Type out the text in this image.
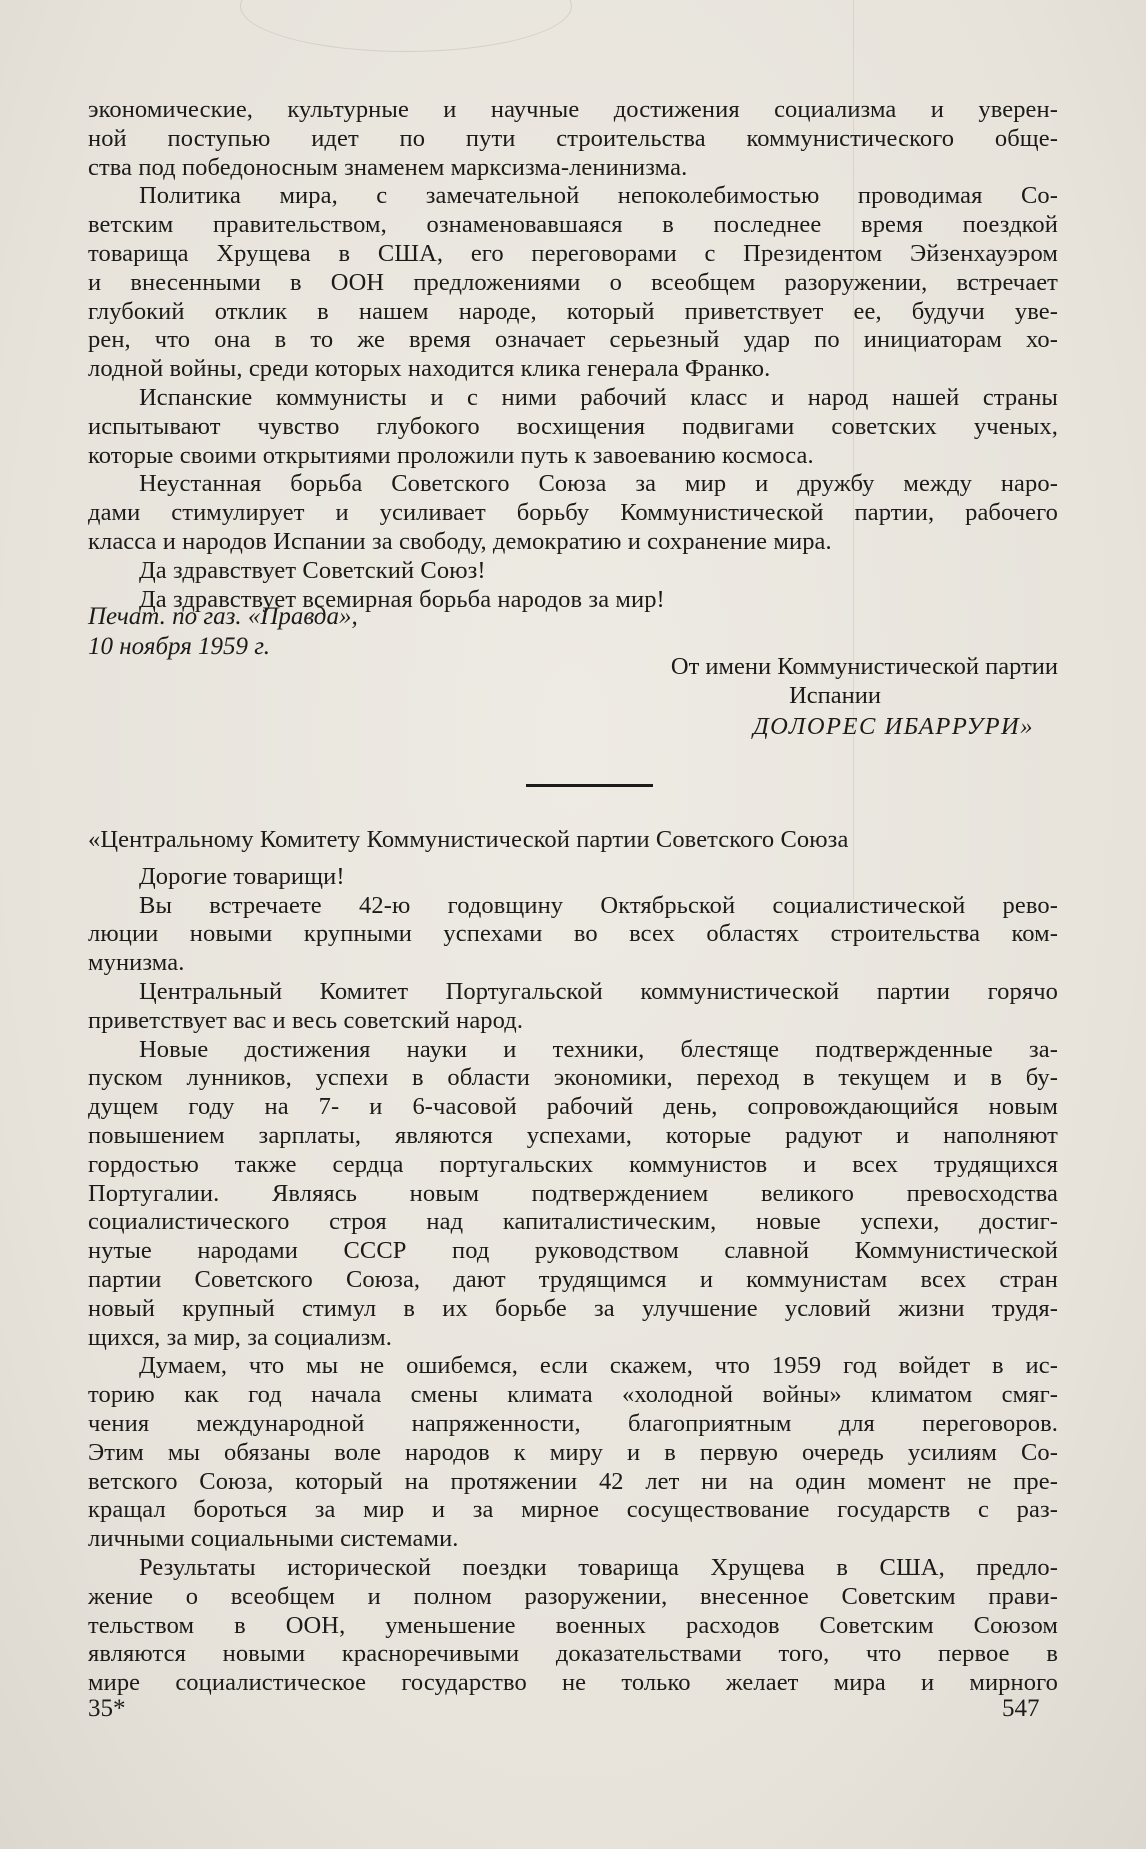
экономические, культурные и научные достижения социализма и уверен-

ной поступью идет по пути строительства коммунистического обще-

ства под победоносным знаменем марксизма-ленинизма.

Политика мира, с замечательной непоколебимостью проводимая Со-

ветским правительством, ознаменовавшаяся в последнее время поездкой

товарища Хрущева в США, его переговорами с Президентом Эйзенхауэром

и внесенными в ООН предложениями о всеобщем разоружении, встречает

глубокий отклик в нашем народе, который приветствует ее, будучи уве-

рен, что она в то же время означает серьезный удар по инициаторам хо-

лодной войны, среди которых находится клика генерала Франко.

Испанские коммунисты и с ними рабочий класс и народ нашей страны

испытывают чувство глубокого восхищения подвигами советских ученых,

которые своими открытиями проложили путь к завоеванию космоса.

Неустанная борьба Советского Союза за мир и дружбу между наро-

дами стимулирует и усиливает борьбу Коммунистической партии, рабочего

класса и народов Испании за свободу, демократию и сохранение мира.

Да здравствует Советский Союз!

Да здравствует всемирная борьба народов за мир!

Печат. по газ. «Правда»,

10 ноября 1959 г.

От имени Коммунистической партии

Испании

ДОЛОРЕС ИБАРРУРИ»

«Центральному Комитету Коммунистической партии Советского Союза

Дорогие товарищи!

Вы встречаете 42-ю годовщину Октябрьской социалистической рево-

люции новыми крупными успехами во всех областях строительства ком-

мунизма.

Центральный Комитет Португальской коммунистической партии горячо

приветствует вас и весь советский народ.

Новые достижения науки и техники, блестяще подтвержденные за-

пуском лунников, успехи в области экономики, переход в текущем и в бу-

дущем году на 7- и 6-часовой рабочий день, сопровождающийся новым

повышением зарплаты, являются успехами, которые радуют и наполняют

гордостью также сердца португальских коммунистов и всех трудящихся

Португалии. Являясь новым подтверждением великого превосходства

социалистического строя над капиталистическим, новые успехи, достиг-

нутые народами СССР под руководством славной Коммунистической

партии Советского Союза, дают трудящимся и коммунистам всех стран

новый крупный стимул в их борьбе за улучшение условий жизни трудя-

щихся, за мир, за социализм.

Думаем, что мы не ошибемся, если скажем, что 1959 год войдет в ис-

торию как год начала смены климата «холодной войны» климатом смяг-

чения международной напряженности, благоприятным для переговоров.

Этим мы обязаны воле народов к миру и в первую очередь усилиям Со-

ветского Союза, который на протяжении 42 лет ни на один момент не пре-

кращал бороться за мир и за мирное сосуществование государств с раз-

личными социальными системами.

Результаты исторической поездки товарища Хрущева в США, предло-

жение о всеобщем и полном разоружении, внесенное Советским прави-

тельством в ООН, уменьшение военных расходов Советским Союзом

являются новыми красноречивыми доказательствами того, что первое в

мире социалистическое государство не только желает мира и мирного

35*	547
